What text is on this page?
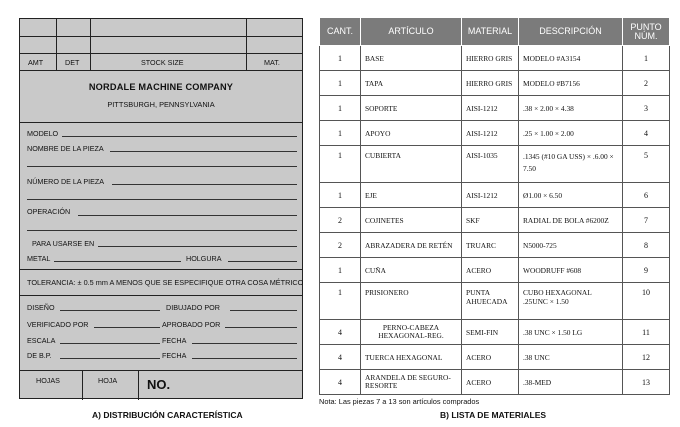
AMT	DET	STOCK SIZE	MAT.
NORDALE MACHINE COMPANY
PITTSBURGH, PENNSYLVANIA
MODELO
NOMBRE DE LA PIEZA
NÚMERO DE LA PIEZA
OPERACIÓN
PARA USARSE EN
METAL	HOLGURA
TOLERANCIA: ± 0.5 mm A MENOS QUE SE ESPECIFIQUE OTRA COSA MÉTRICO
DISEÑO	DIBUJADO POR
VERIFICADO POR	APROBADO POR
ESCALA	FECHA
DE B.P.	FECHA
HOJAS	HOJA NO.
A) DISTRIBUCIÓN CARACTERÍSTICA
CANT.	ARTÍCULO	MATERIAL	DESCRIPCIÓN	PUNTO NÚM.
1	BASE	HIERRO GRIS	MODELO #A3154	1
1	TAPA	HIERRO GRIS	MODELO #B7156	2
1	SOPORTE	AISI-1212	.38 × 2.00 × 4.38	3
1	APOYO	AISI-1212	.25 × 1.00 × 2.00	4
1	CUBIERTA	AISI-1035	.1345 (#10 GA USS) × .6.00 × 7.50	5
1	EJE	AISI-1212	Ø1.00 × 6.50	6
2	COJINETES	SKF	RADIAL DE BOLA #6200Z	7
2	ABRAZADERA DE RETÉN	TRUARC	N5000-725	8
1	CUÑA	ACERO	WOODRUFF #608	9
1	PRISIONERO	PUNTA AHUECADA	CUBO HEXAGONAL .25UNC × 1.50	10
4	PERNO-CABEZA HEXAGONAL-REG.	SEMI-FIN	.38 UNC × 1.50 LG	11
4	TUERCA HEXAGONAL	ACERO	.38 UNC	12
4	ARANDELA DE SEGURO-RESORTE	ACERO	.38-MED	13
Nota: Las piezas 7 a 13 son artículos comprados
B) LISTA DE MATERIALES
